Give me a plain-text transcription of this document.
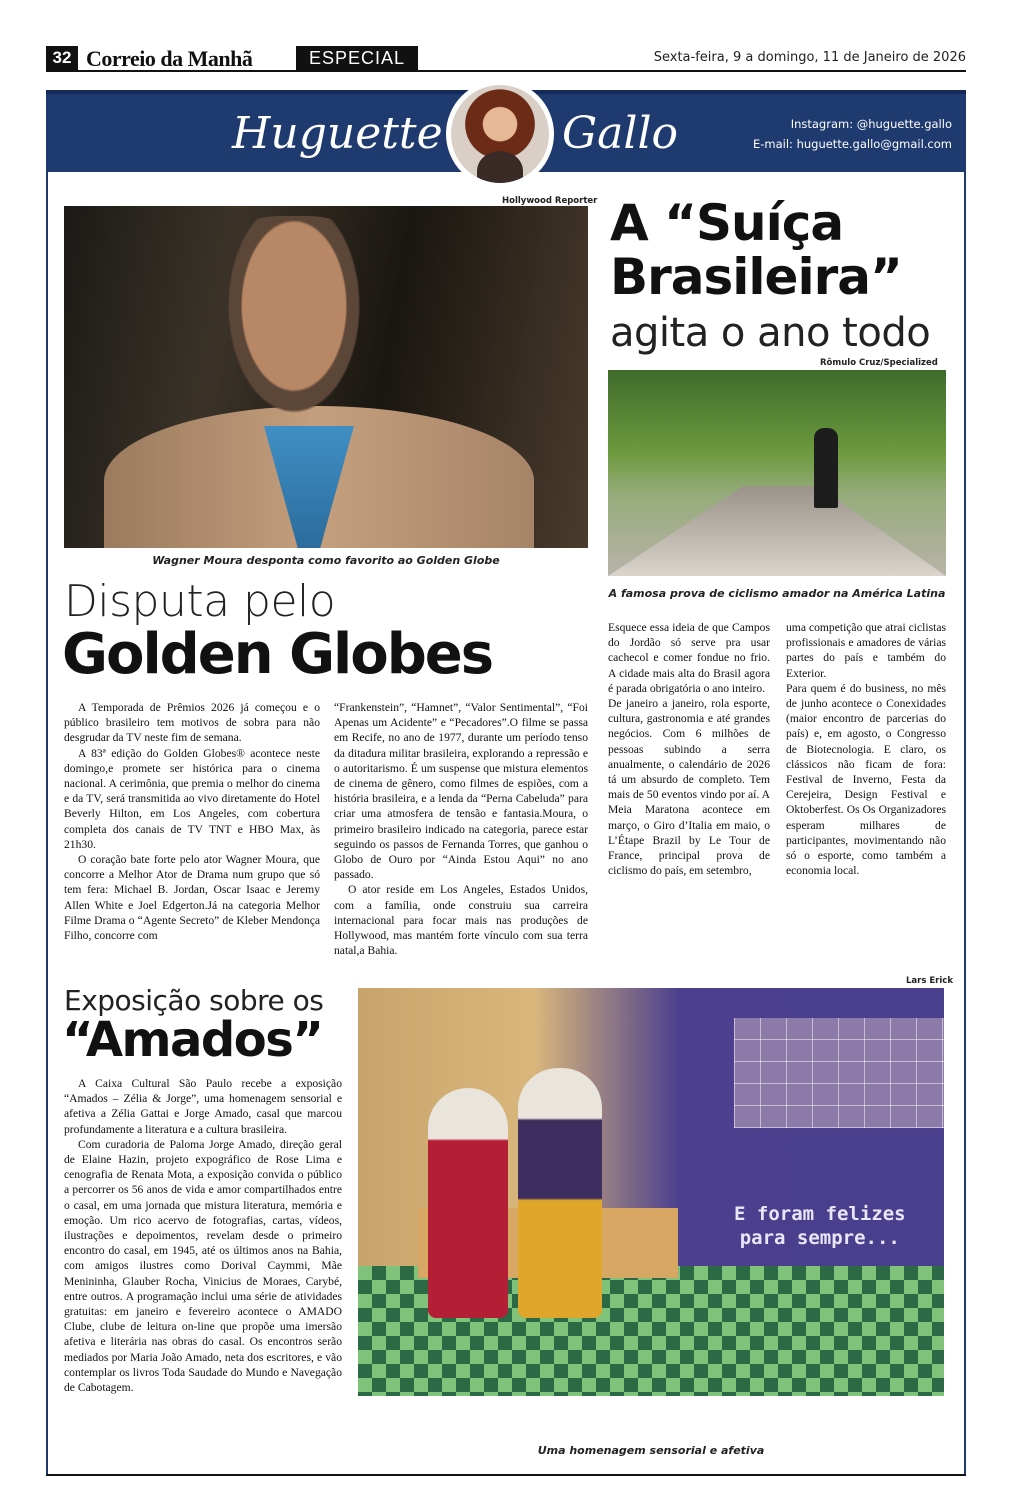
32 Correio da Manhã	ESPECIAL	Sexta-feira, 9 a domingo, 11 de Janeiro de 2026
Huguette	Gallo	Instagram: @huguette.gallo
E-mail: huguette.gallo@gmail.com
Hollywood Reporter
Wagner Moura desponta como favorito ao Golden Globe
Disputa pelo
Golden Globes

A Temporada de Prêmios 2026 já começou e o público brasileiro tem motivos de sobra para não desgrudar da TV neste fim de semana.

A 83ª edição do Golden Globes® acontece neste domingo,e promete ser histórica para o cinema nacional. A cerimônia, que premia o melhor do cinema e da TV, será transmitida ao vivo diretamente do Hotel Beverly Hilton, em Los Angeles, com cobertura completa dos canais de TV TNT e HBO Max, às 21h30.

O coração bate forte pelo ator Wagner Moura, que concorre a Melhor Ator de Drama num grupo que só tem fera: Michael B. Jordan, Oscar Isaac e Jeremy Allen White e Joel Edgerton.Já na categoria Melhor Filme Drama o “Agente Secreto” de Kleber Mendonça Filho, concorre com

“Frankenstein”, “Hamnet”, “Valor Sentimental”, “Foi Apenas um Acidente” e “Pecadores”.O filme se passa em Recife, no ano de 1977, durante um período tenso da ditadura militar brasileira, explorando a repressão e o autoritarismo. É um suspense que mistura elementos de cinema de gênero, como filmes de espiões, com a história brasileira, e a lenda da “Perna Cabeluda” para criar uma atmosfera de tensão e fantasia.Moura, o primeiro brasileiro indicado na categoria, parece estar seguindo os passos de Fernanda Torres, que ganhou o Globo de Ouro por “Ainda Estou Aqui” no ano passado.

O ator reside em Los Angeles, Estados Unidos, com a família, onde construiu sua carreira internacional para focar mais nas produções de Hollywood, mas mantém forte vínculo com sua terra natal,a Bahia.

A “Suíça
Brasileira”
agita o ano todo
Rômulo Cruz/Specialized
A famosa prova de ciclismo amador na América Latina

Esquece essa ideia de que Campos do Jordão só serve pra usar cachecol e comer fondue no frio. A cidade mais alta do Brasil agora é parada obrigatória o ano inteiro.

De janeiro a janeiro, rola esporte, cultura, gastronomia e até grandes negócios. Com 6 milhões de pessoas subindo a serra anualmente, o calendário de 2026 tá um absurdo de completo. Tem mais de 50 eventos vindo por aí. A Meia Maratona acontece em março, o Giro d’Italia em maio, o L’Étape Brazil by Le Tour de France, principal prova de ciclismo do país, em setembro,

uma competição que atrai ciclistas profissionais e amadores de várias partes do país e também do Exterior.

Para quem é do business, no mês de junho acontece o Conexidades (maior encontro de parcerias do país) e, em agosto, o Congresso de Biotecnologia. E claro, os clássicos não ficam de fora: Festival de Inverno, Festa da Cerejeira, Design Festival e Oktoberfest. Os Os Organizadores esperam milhares de participantes, movimentando não só o esporte, como também a economia local.

Exposição sobre os
“Amados”

A Caixa Cultural São Paulo recebe a exposição “Amados – Zélia & Jorge”, uma homenagem sensorial e afetiva a Zélia Gattai e Jorge Amado, casal que marcou profundamente a literatura e a cultura brasileira.

Com curadoria de Paloma Jorge Amado, direção geral de Elaine Hazin, projeto expográfico de Rose Lima e cenografia de Renata Mota, a exposição convida o público a percorrer os 56 anos de vida e amor compartilhados entre o casal, em uma jornada que mistura literatura, memória e emoção. Um rico acervo de fotografias, cartas, vídeos, ilustrações e depoimentos, revelam desde o primeiro encontro do casal, em 1945, até os últimos anos na Bahia, com amigos ilustres como Dorival Caymmi, Mãe Menininha, Glauber Rocha, Vinicius de Moraes, Carybé, entre outros. A programação inclui uma série de atividades gratuitas: em janeiro e fevereiro acontece o AMADO Clube, clube de leitura on-line que propõe uma imersão afetiva e literária nas obras do casal. Os encontros serão mediados por Maria João Amado, neta dos escritores, e vão contemplar os livros Toda Saudade do Mundo e Navegação de Cabotagem.

Lars Erick
E foram felizes
para sempre...
Uma homenagem sensorial e afetiva
